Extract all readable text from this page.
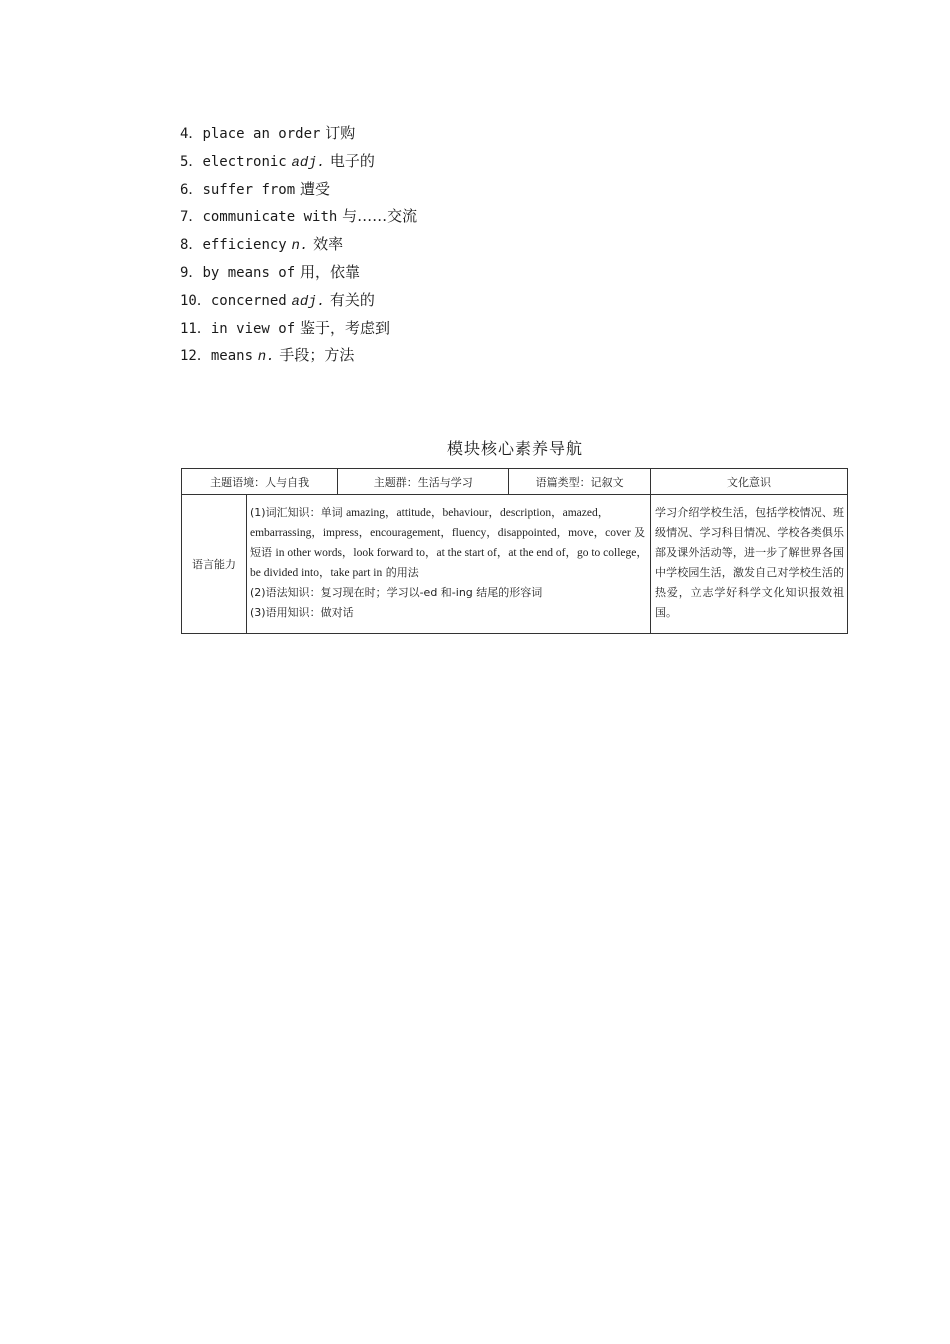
4．place an order 订购
5．electronic adj. 电子的
6．suffer from 遭受
7．communicate with 与……交流
8．efficiency n. 效率
9．by means of 用，依靠
10．concerned adj. 有关的
11．in view of 鉴于，考虑到
12．means n. 手段；方法
模块核心素养导航
主题语境：人与自我		主题群：生活与学习	语篇类型：记叙文	文化意识
语言能力	(1)词汇知识：单词 amazing，attitude，behaviour，description，amazed，embarrassing，impress，encouragement，fluency，disappointed，move，cover 及短语 in other words，look forward to，at the start of，at the end of，go to college，be divided into，take part in 的用法
(2)语法知识：复习现在时；学习以-ed 和-ing 结尾的形容词
(3)语用知识：做对话			学习介绍学校生活，包括学校情况、班级情况、学习科目情况、学校各类俱乐部及课外活动等，进一步了解世界各国中学校园生活，激发自己对学校生活的热爱，立志学好科学文化知识报效祖国。
